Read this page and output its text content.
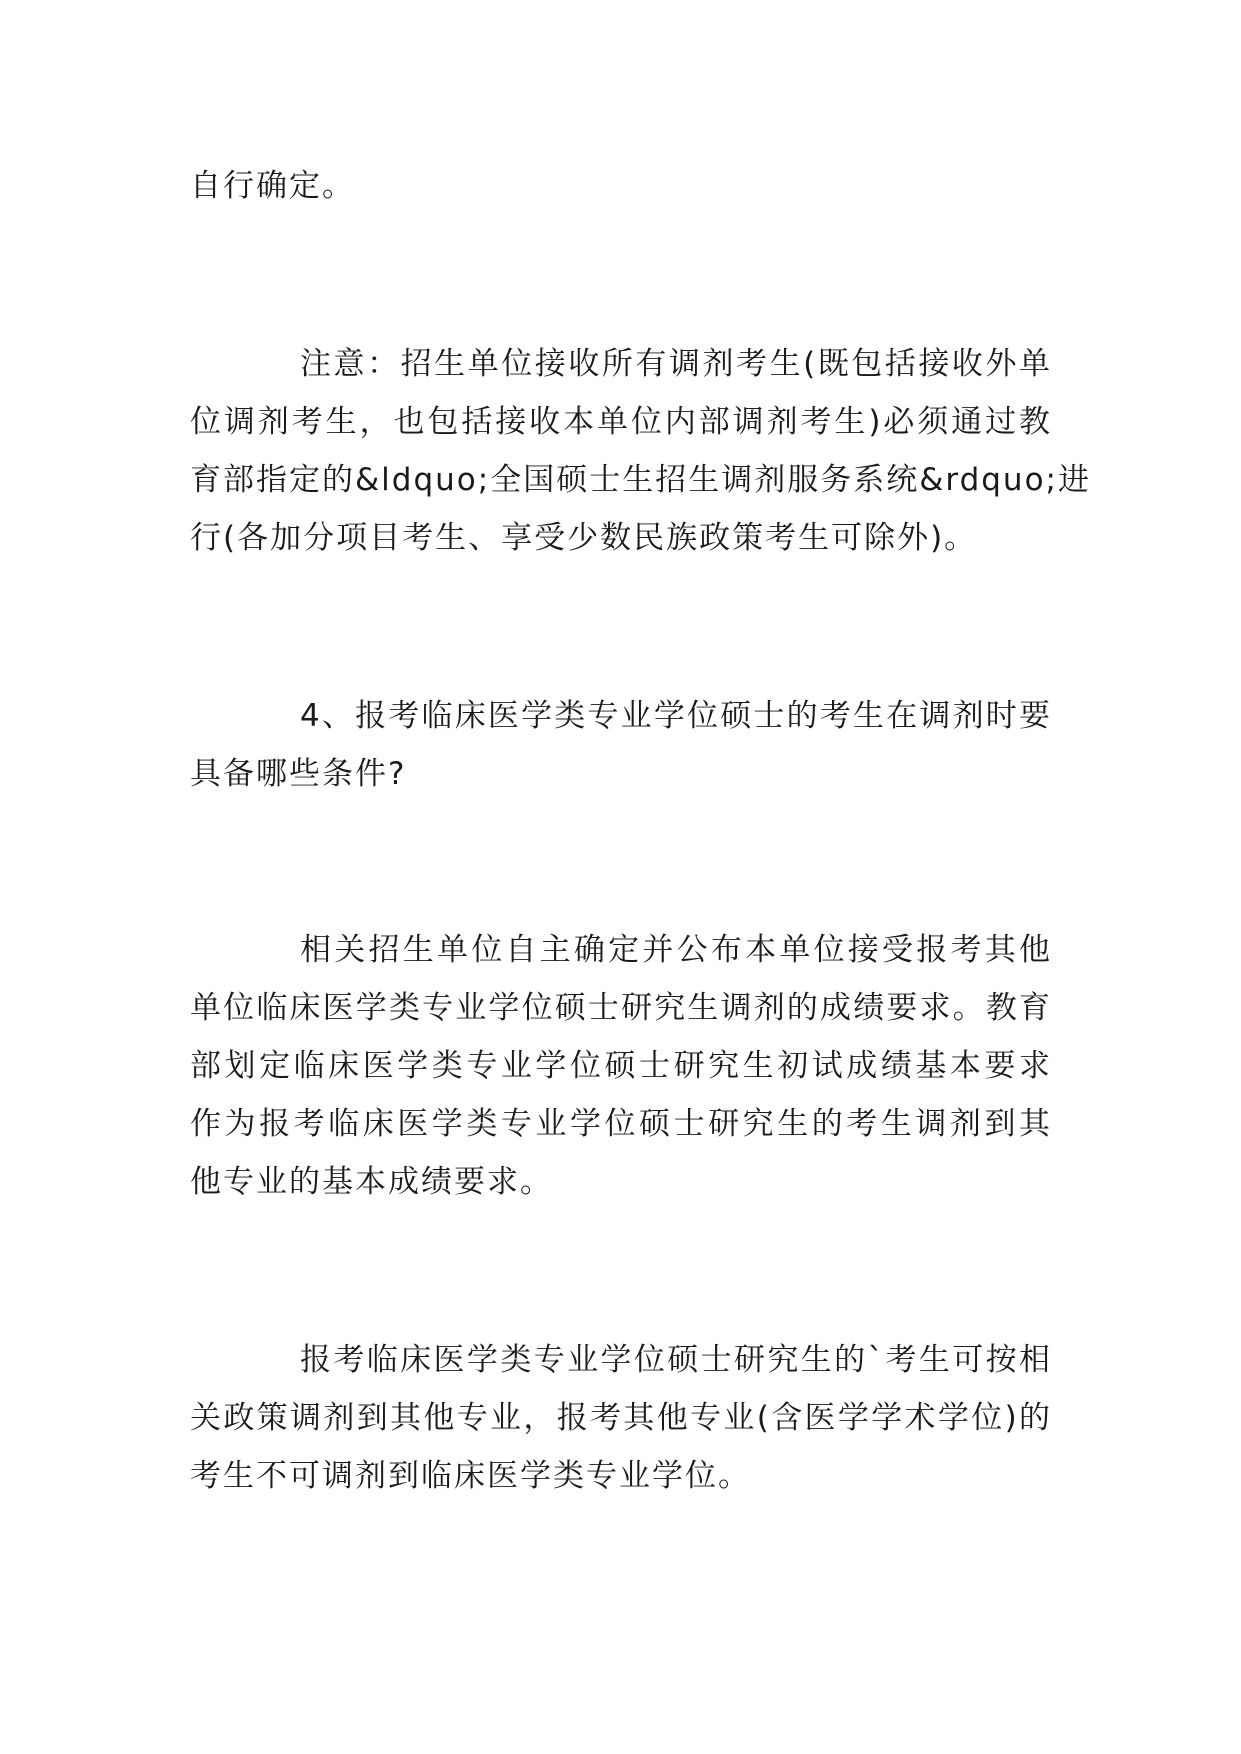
自行确定。
注意：招生单位接收所有调剂考生(既包括接收外单
位调剂考生，也包括接收本单位内部调剂考生)必须通过教
育部指定的&ldquo;全国硕士生招生调剂服务系统&rdquo;进
行(各加分项目考生、享受少数民族政策考生可除外)。
4、报考临床医学类专业学位硕士的考生在调剂时要
具备哪些条件?
相关招生单位自主确定并公布本单位接受报考其他
单位临床医学类专业学位硕士研究生调剂的成绩要求。教育
部划定临床医学类专业学位硕士研究生初试成绩基本要求
作为报考临床医学类专业学位硕士研究生的考生调剂到其
他专业的基本成绩要求。
报考临床医学类专业学位硕士研究生的`考生可按相
关政策调剂到其他专业，报考其他专业(含医学学术学位)的
考生不可调剂到临床医学类专业学位。
